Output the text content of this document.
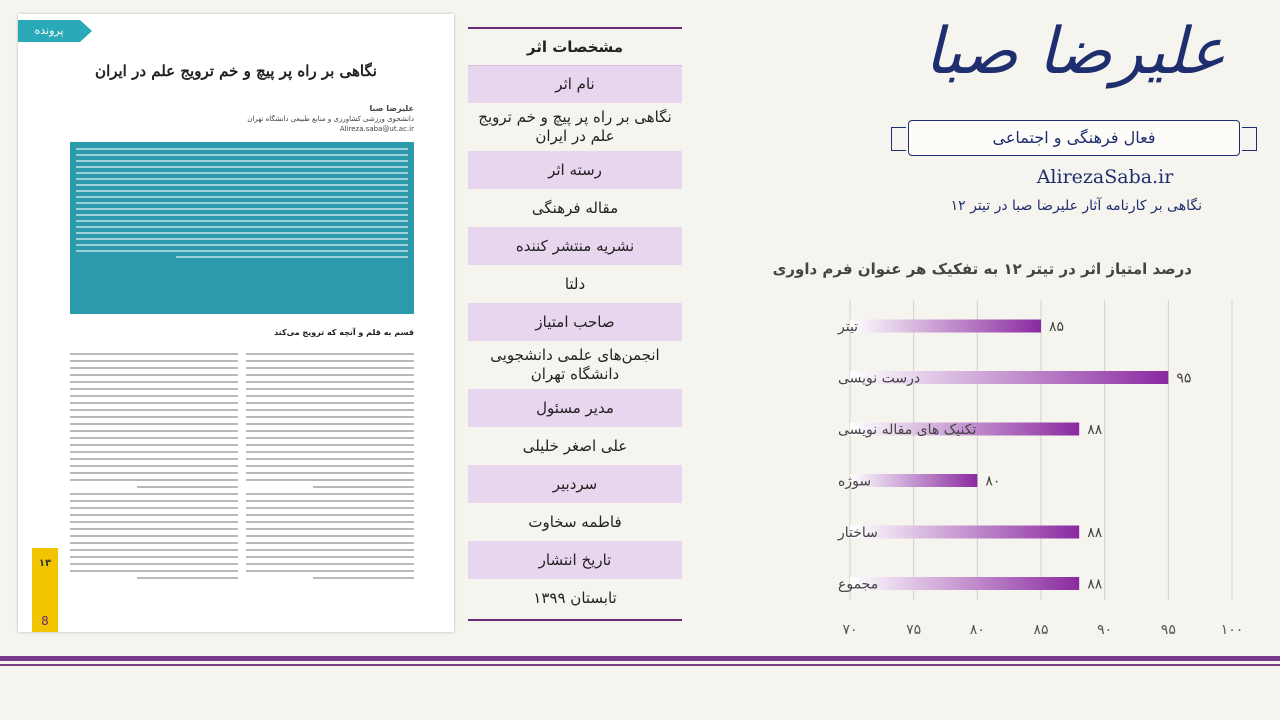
پرونده
نگاهی بر راه پر پیچ و خم ترویج علم در ایران
علیرضا صبا
دانشجوی ورزشی کشاورزی و منابع طبیعی دانشگاه تهران
Alireza.saba@ut.ac.ir
قسم به قلم و آنچه که ترویج می‌کند
۱۳
8
مشخصات اثر
نام اثر
نگاهی بر راه پر پیچ و خم ترویج علم در ایران
رسته اثر
مقاله فرهنگی
نشریه منتشر کننده
دلتا
صاحب امتیاز
انجمن‌های علمی دانشجویی دانشگاه تهران
مدیر مسئول
علی اصغر خلیلی
سردبیر
فاطمه سخاوت
تاریخ انتشار
تابستان ۱۳۹۹
علیرضا صبا
فعال فرهنگی و اجتماعی
AlirezaSaba.ir
نگاهی بر کارنامه آثار علیرضا صبا در تیتر ۱۲
درصد امتیاز اثر در تیتر ۱۲ به تفکیک هر عنوان فرم داوری
۷۰	۷۵	۸۰	۸۵	۹۰	۹۵	۱۰۰
۸۵
تیتر
۹۵
درست نویسی
۸۸
تکنیک های مقاله نویسی
۸۰
سوژه
۸۸
ساختار
۸۸
مجموع
